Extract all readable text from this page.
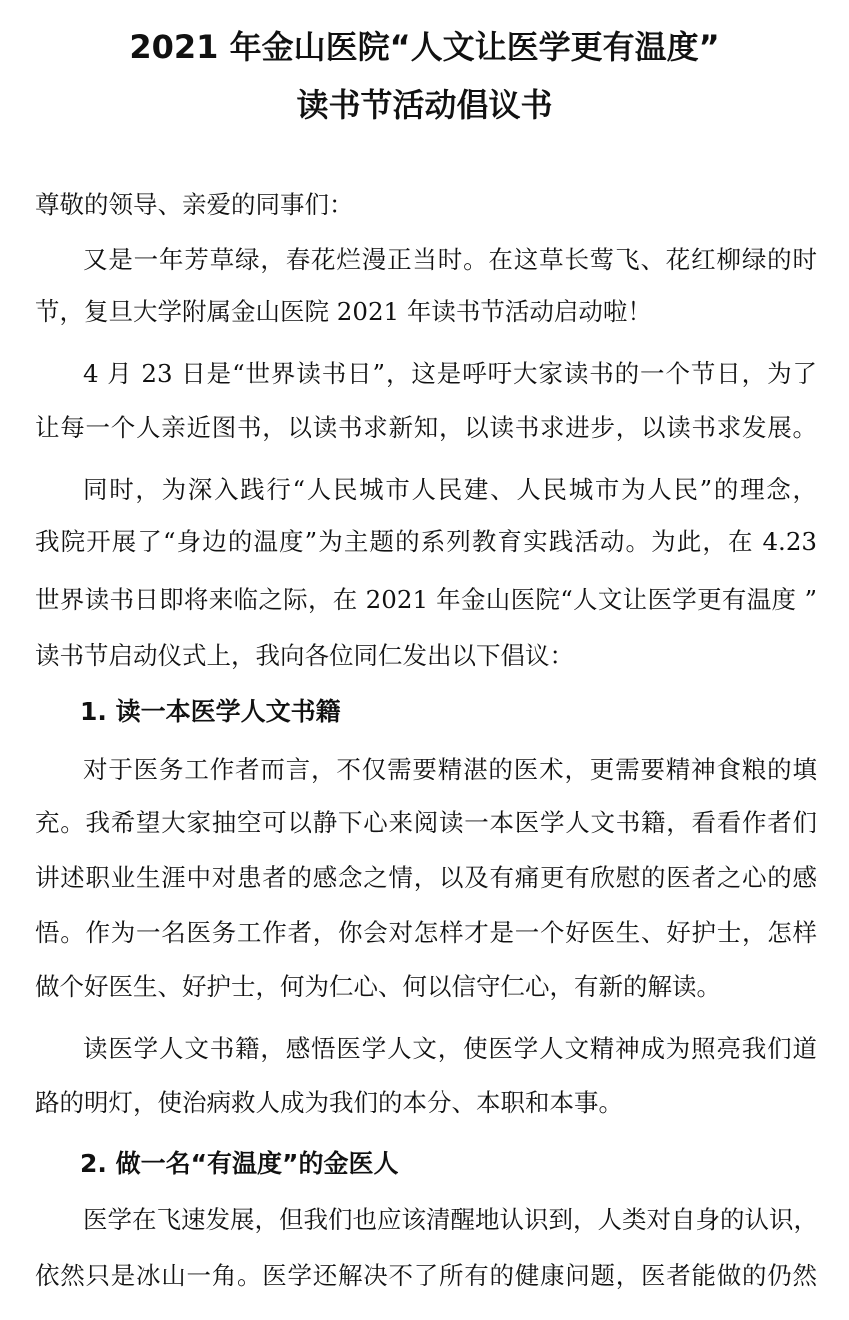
2021 年金山医院“人文让医学更有温度”
读书节活动倡议书
尊敬的领导、亲爱的同事们：
又是一年芳草绿，春花烂漫正当时。在这草长莺飞、花红柳绿的时
节，复旦大学附属金山医院 2021 年读书节活动启动啦！
4 月 23 日是“世界读书日”，这是呼吁大家读书的一个节日，为了
让每一个人亲近图书，以读书求新知，以读书求进步，以读书求发展。
同时，为深入践行“人民城市人民建、人民城市为人民”的理念，
我院开展了“身边的温度”为主题的系列教育实践活动。为此，在 4.23
世界读书日即将来临之际，在 2021 年金山医院“人文让医学更有温度 ”
读书节启动仪式上，我向各位同仁发出以下倡议：
1. 读一本医学人文书籍
对于医务工作者而言，不仅需要精湛的医术，更需要精神食粮的填
充。我希望大家抽空可以静下心来阅读一本医学人文书籍，看看作者们
讲述职业生涯中对患者的感念之情，以及有痛更有欣慰的医者之心的感
悟。作为一名医务工作者，你会对怎样才是一个好医生、好护士，怎样
做个好医生、好护士，何为仁心、何以信守仁心，有新的解读。
读医学人文书籍，感悟医学人文，使医学人文精神成为照亮我们道
路的明灯，使治病救人成为我们的本分、本职和本事。
2. 做一名“有温度”的金医人
医学在飞速发展，但我们也应该清醒地认识到，人类对自身的认识，
依然只是冰山一角。医学还解决不了所有的健康问题，医者能做的仍然
